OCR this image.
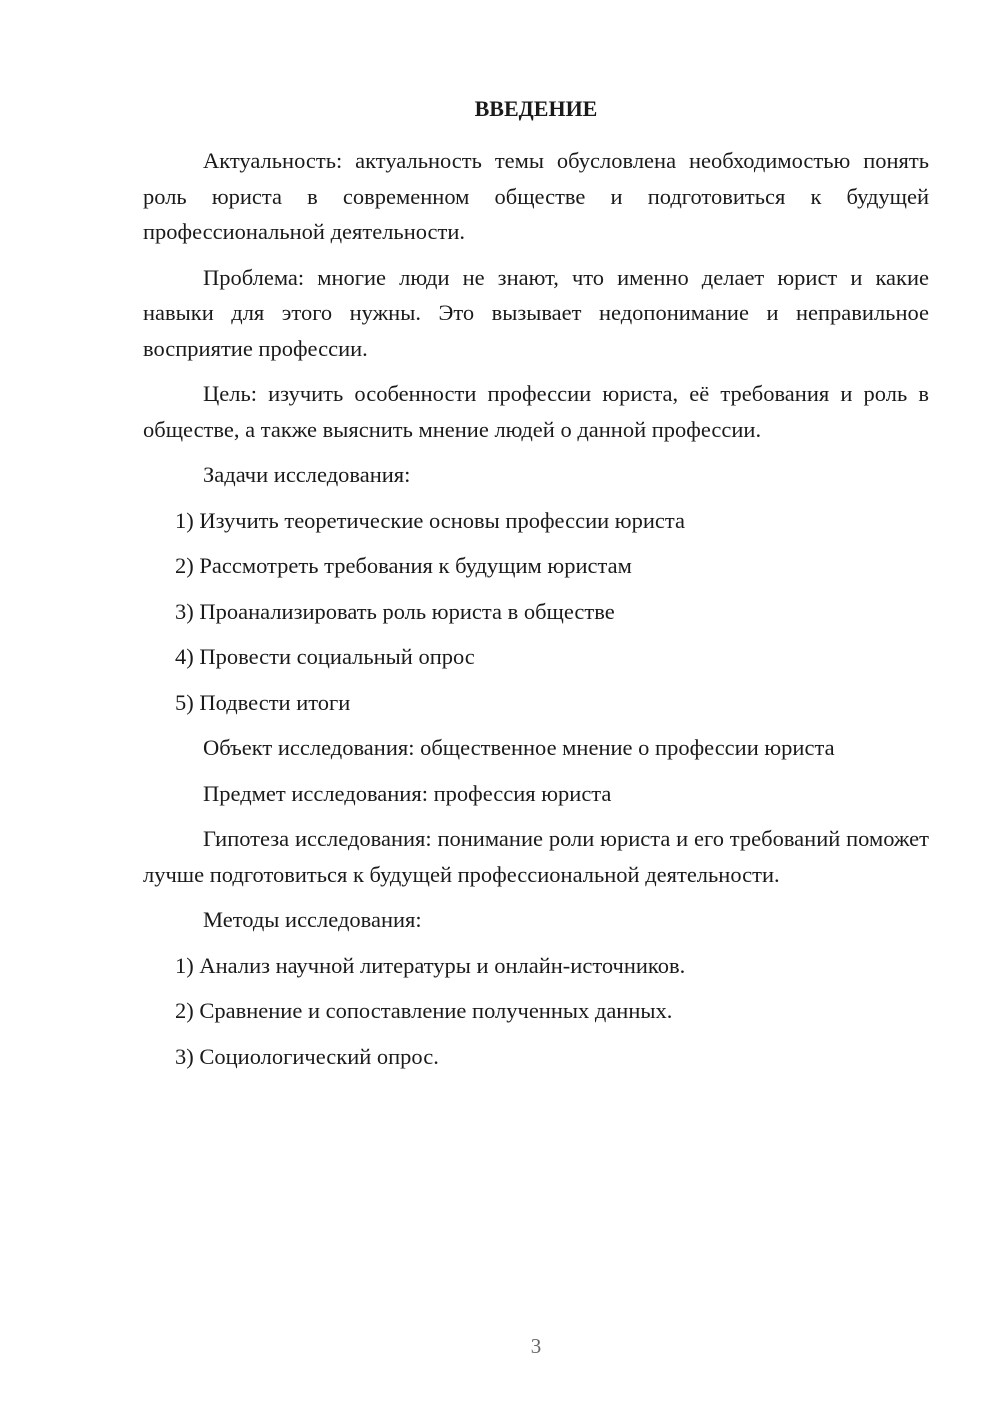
ВВЕДЕНИЕ

Актуальность: актуальность темы обусловлена необходимостью понять роль юриста в современном обществе и подготовиться к будущей профессиональной деятельности.

Проблема: многие люди не знают, что именно делает юрист и какие навыки для этого нужны. Это вызывает недопонимание и неправильное восприятие профессии.

Цель: изучить особенности профессии юриста, её требования и роль в обществе, а также выяснить мнение людей о данной профессии.

Задачи исследования:

1) Изучить теоретические основы профессии юриста

2) Рассмотреть требования к будущим юристам

3) Проанализировать роль юриста в обществе

4) Провести социальный опрос

5) Подвести итоги

Объект исследования: общественное мнение о профессии юриста

Предмет исследования: профессия юриста

Гипотеза исследования: понимание роли юриста и его требований поможет лучше подготовиться к будущей профессиональной деятельности.

Методы исследования:

1) Анализ научной литературы и онлайн-источников.

2) Сравнение и сопоставление полученных данных.

3) Социологический опрос.

3
